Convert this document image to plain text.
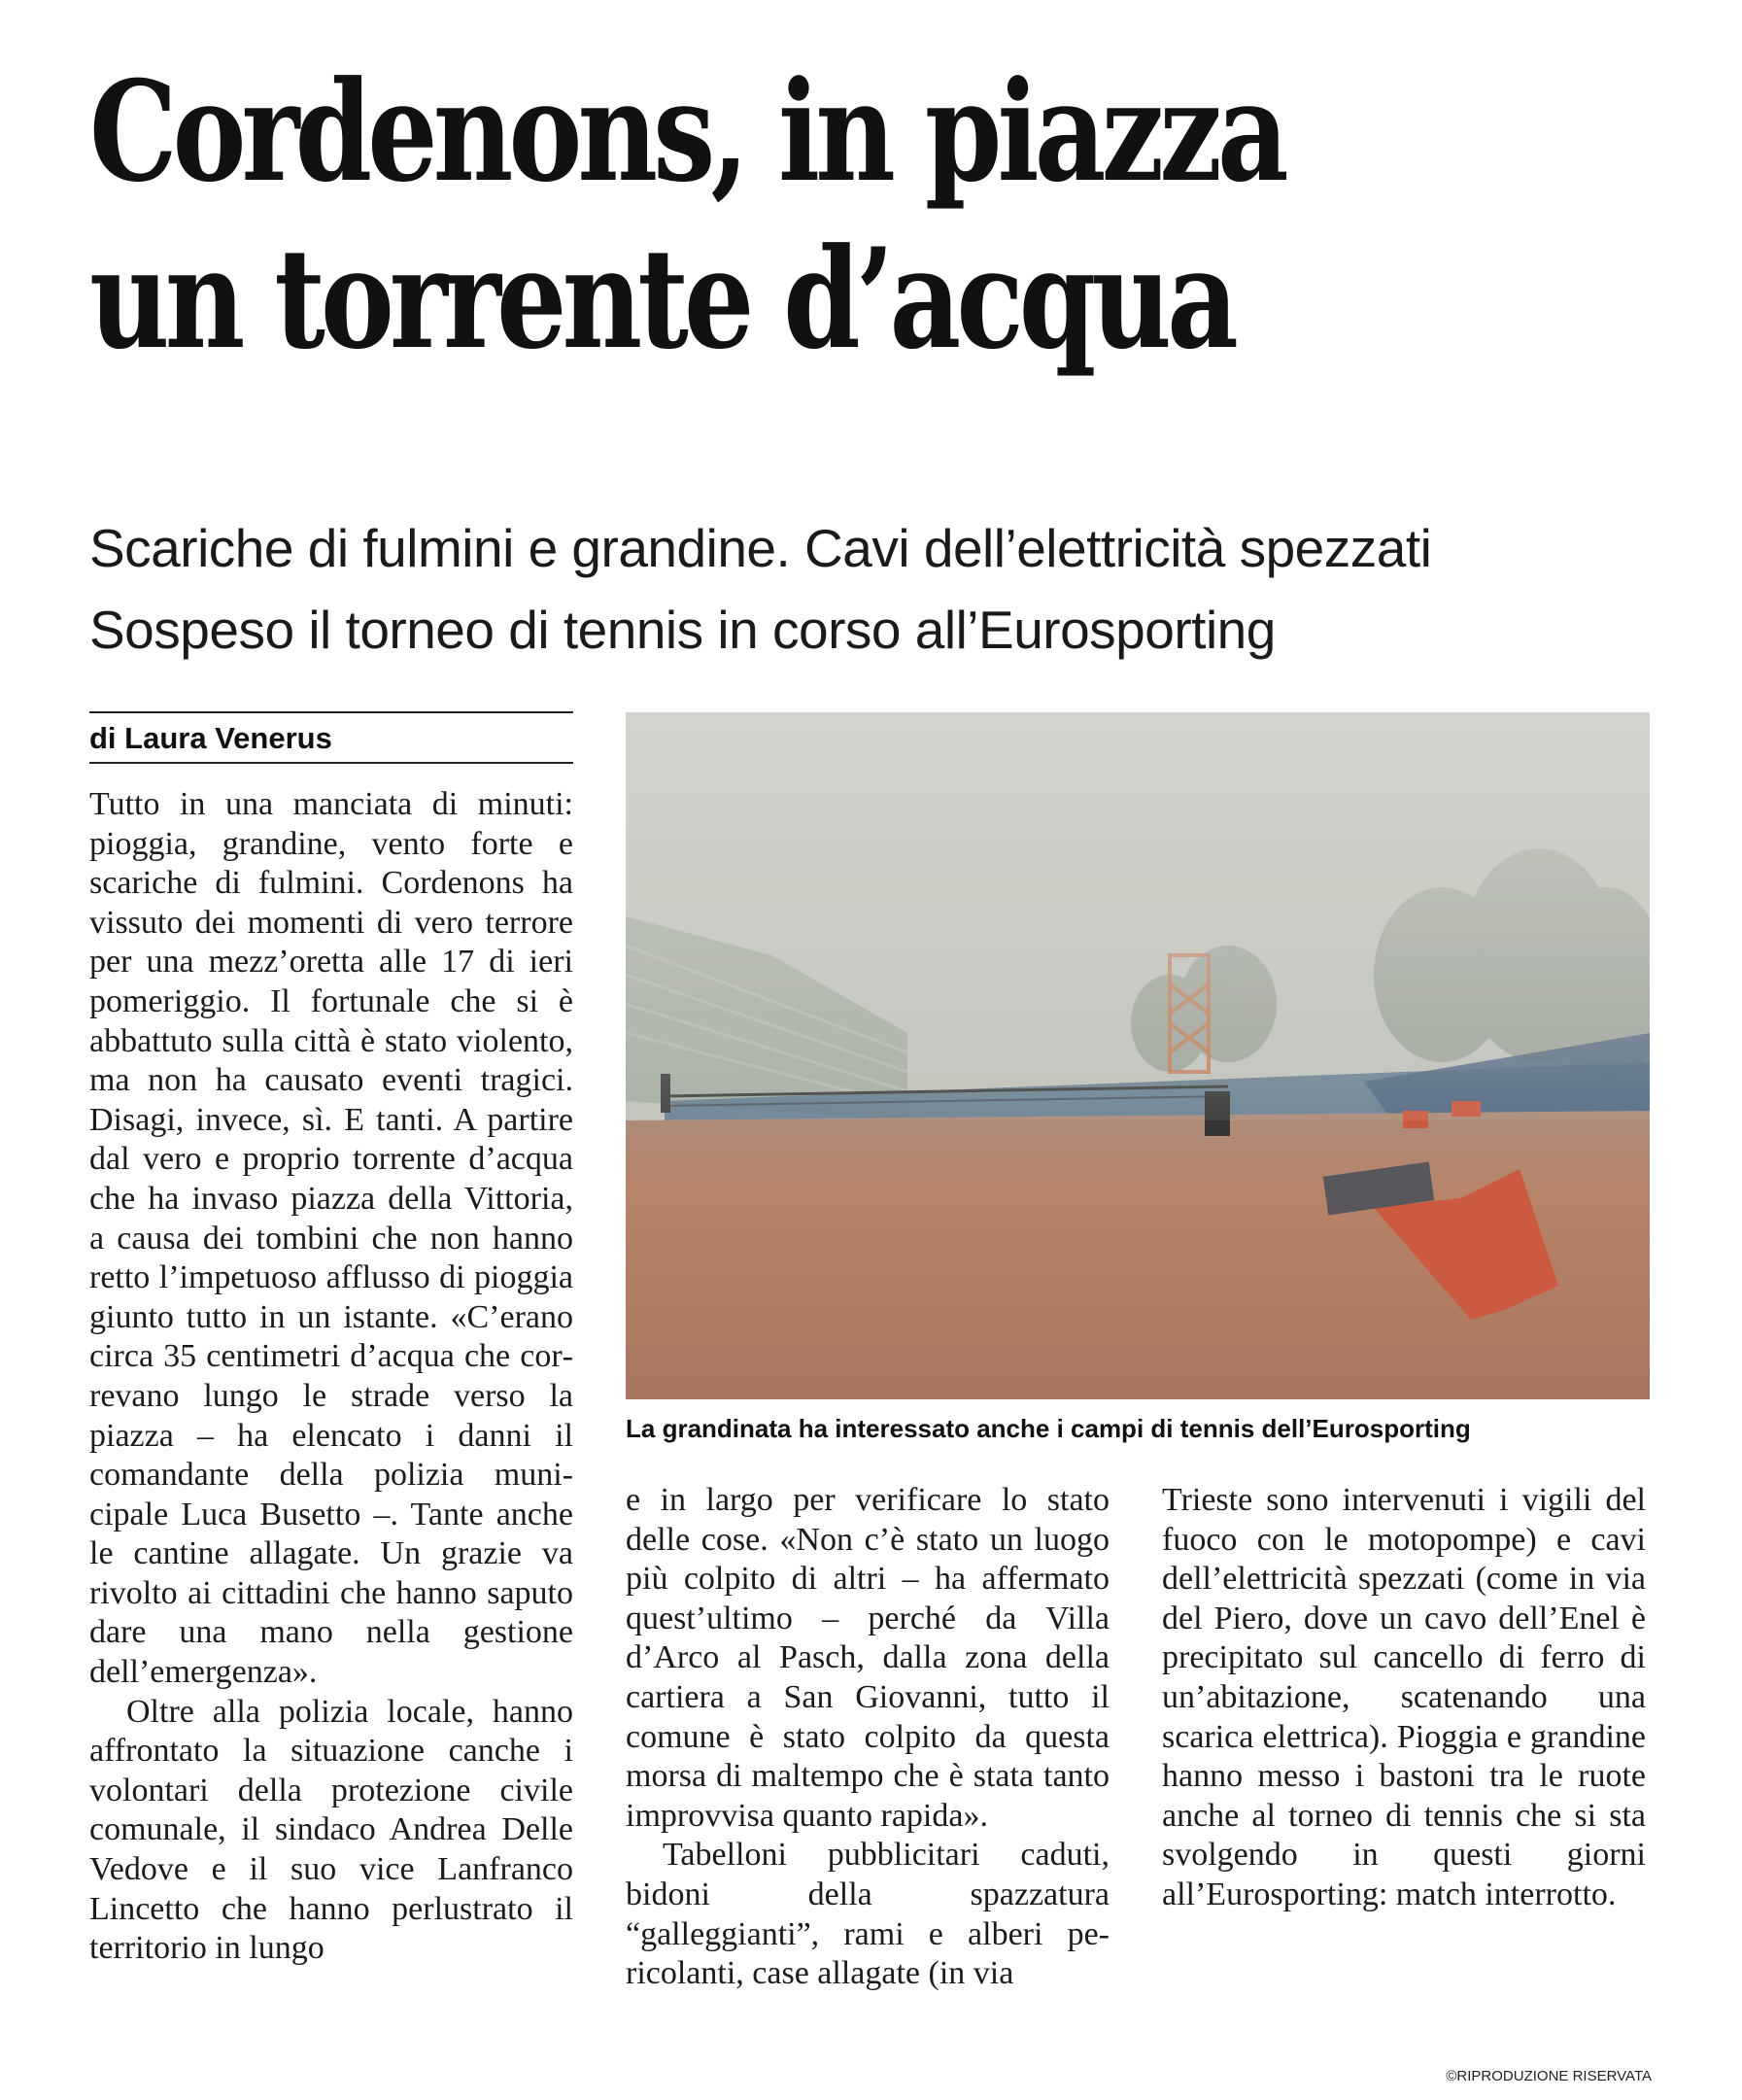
Cordenons, in piazza
un torrente d’acqua
Scariche di fulmini e grandine. Cavi dell’elettricità spezzati
Sospeso il torneo di tennis in corso all’Eurosporting
di Laura Venerus

Tutto in una manciata di minuti: pioggia, grandine, vento forte e scariche di fulmini. Cordenons ha vissuto dei momenti di vero terrore per una mezz’oretta alle 17 di ieri pomeriggio. Il fortunale che si è abbattuto sulla città è stato violento, ma non ha causato eventi tragici. Disagi, invece, sì. E tanti. A partire dal vero e proprio torrente d’acqua che ha invaso piazza della Vittoria, a causa dei tombini che non hanno retto l’impetuoso afflusso di pioggia giunto tutto in un istante. «C’erano circa 35 centimetri d’acqua che correvano lungo le strade verso la piazza – ha elencato i danni il comandante della polizia municipale Luca Busetto –. Tante anche le cantine allagate. Un grazie va rivolto ai cittadini che hanno saputo dare una mano nella gestione dell’emergenza».

Oltre alla polizia locale, hanno affrontato la situazione canche i volontari della protezione civile comunale, il sindaco Andrea Delle Vedove e il suo vice Lanfranco Lincetto che hanno perlustrato il territorio in lungo

La grandinata ha interessato anche i campi di tennis dell’Eurosporting

e in largo per verificare lo stato delle cose. «Non c’è stato un luogo più colpito di altri – ha affermato quest’ultimo – perché da Villa d’Arco al Pasch, dalla zona della cartiera a San Giovanni, tutto il comune è stato colpito da questa morsa di maltempo che è stata tanto improvvisa quanto rapida».

Tabelloni pubblicitari caduti, bidoni della spazzatura “galleggianti”, rami e alberi pericolanti, case allagate (in via

Trieste sono intervenuti i vigili del fuoco con le motopompe) e cavi dell’elettricità spezzati (come in via del Piero, dove un cavo dell’Enel è precipitato sul cancello di ferro di un’abitazione, scatenando una scarica elettrica). Pioggia e grandine hanno messo i bastoni tra le ruote anche al torneo di tennis che si sta svolgendo in questi giorni all’Eurosporting: match interrotto.

©RIPRODUZIONE RISERVATA
